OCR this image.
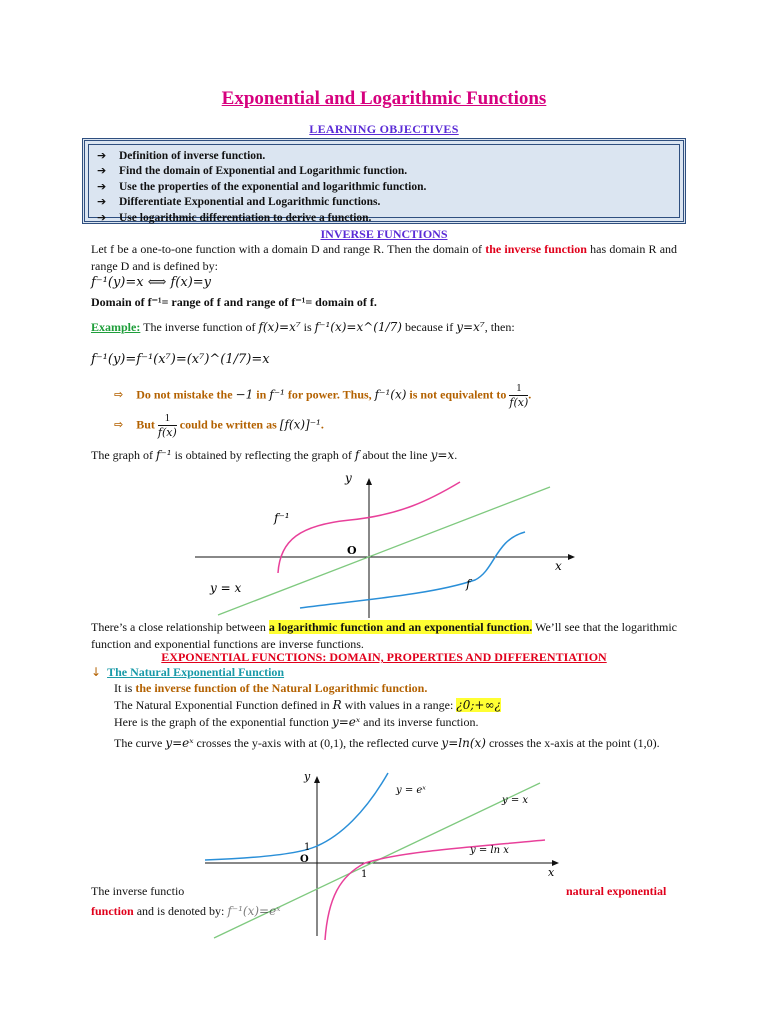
Exponential and Logarithmic Functions
LEARNING OBJECTIVES
➔ Definition of inverse function.
➔ Find the domain of Exponential and Logarithmic function.
➔ Use the properties of the exponential and logarithmic function.
➔ Differentiate Exponential and Logarithmic functions.
➔ Use logarithmic differentiation to derive a function.
INVERSE FUNCTIONS
Let f be a one-to-one function with a domain D and range R. Then the domain of the inverse function has domain R and range D and is defined by:
f⁻¹(y)=x ⟺ f(x)=y
Domain of f⁻¹= range of f and range of f⁻¹= domain of f.
Example: The inverse function of f(x)=x⁷ is f⁻¹(x)=x^(1/7) because if y=x⁷, then:
f⁻¹(y)=f⁻¹(x⁷)=(x⁷)^(1/7)=x
⇨ Do not mistake the −1 in f⁻¹ for power. Thus, f⁻¹(x) is not equivalent to $\frac{1}{f(x)}$ .
⇨ But $\frac{1}{f(x)}$ could be written as [f(x)]⁻¹.
The graph of f⁻¹ is obtained by reflecting the graph of f about the line y=x.
y
x
O
f⁻¹
f
y = x
There’s a close relationship between a logarithmic function and an exponential function. We’ll see that the logarithmic function and exponential functions are inverse functions.
EXPONENTIAL FUNCTIONS: DOMAIN, PROPERTIES AND DIFFERENTIATION
↓ The Natural Exponential Function
It is the inverse function of the Natural Logarithmic function.
The Natural Exponential Function defined in R with values in a range: ¿0;+∞¿
Here is the graph of the exponential function y=eˣ and its inverse function.
The curve y=eˣ crosses the y-axis with at (0,1), the reflected curve y=ln(x) crosses the x-axis at the point (1,0).
y
x
O
1
1
y = eˣ
y = x
y = ln x
The inverse functio	natural exponential
function and is denoted by: f⁻¹(x)=eˣ
